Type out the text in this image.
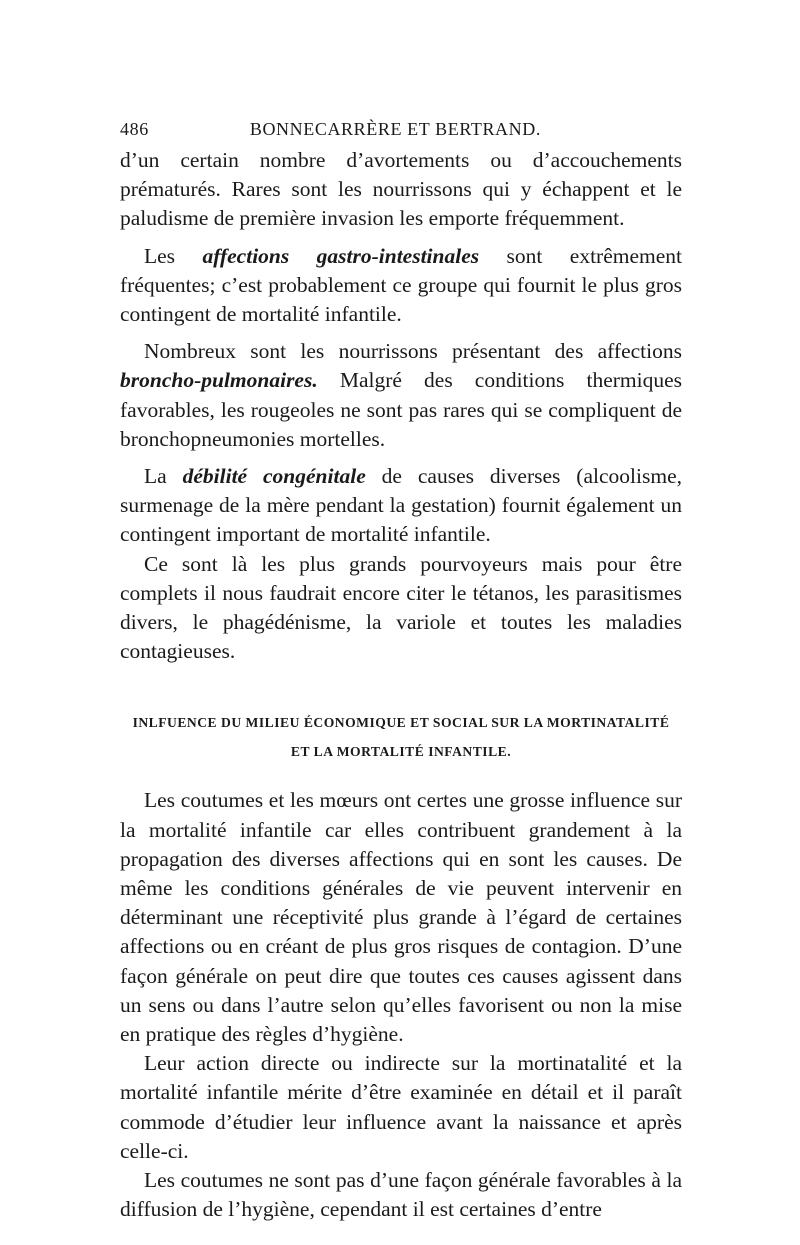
486	BONNECARRÈRE ET BERTRAND.

d’un certain nombre d’avortements ou d’accouchements prématurés. Rares sont les nourrissons qui y échappent et le paludisme de première invasion les emporte fréquemment.

Les affections gastro-intestinales sont extrêmement fréquentes; c’est probablement ce groupe qui fournit le plus gros contingent de mortalité infantile.

Nombreux sont les nourrissons présentant des affections broncho-pulmonaires. Malgré des conditions thermiques favorables, les rougeoles ne sont pas rares qui se compliquent de bronchopneumonies mortelles.

La débilité congénitale de causes diverses (alcoolisme, surmenage de la mère pendant la gestation) fournit également un contingent important de mortalité infantile.

Ce sont là les plus grands pourvoyeurs mais pour être complets il nous faudrait encore citer le tétanos, les parasitismes divers, le phagédénisme, la variole et toutes les maladies contagieuses.

INLFUENCE DU MILIEU ÉCONOMIQUE ET SOCIAL SUR LA MORTINATALITÉ
ET LA MORTALITÉ INFANTILE.

Les coutumes et les mœurs ont certes une grosse influence sur la mortalité infantile car elles contribuent grandement à la propagation des diverses affections qui en sont les causes. De même les conditions générales de vie peuvent intervenir en déterminant une réceptivité plus grande à l’égard de certaines affections ou en créant de plus gros risques de contagion. D’une façon générale on peut dire que toutes ces causes agissent dans un sens ou dans l’autre selon qu’elles favorisent ou non la mise en pratique des règles d’hygiène.

Leur action directe ou indirecte sur la mortinatalité et la mortalité infantile mérite d’être examinée en détail et il paraît commode d’étudier leur influence avant la naissance et après celle-ci.

Les coutumes ne sont pas d’une façon générale favorables à la diffusion de l’hygiène, cependant il est certaines d’entre
